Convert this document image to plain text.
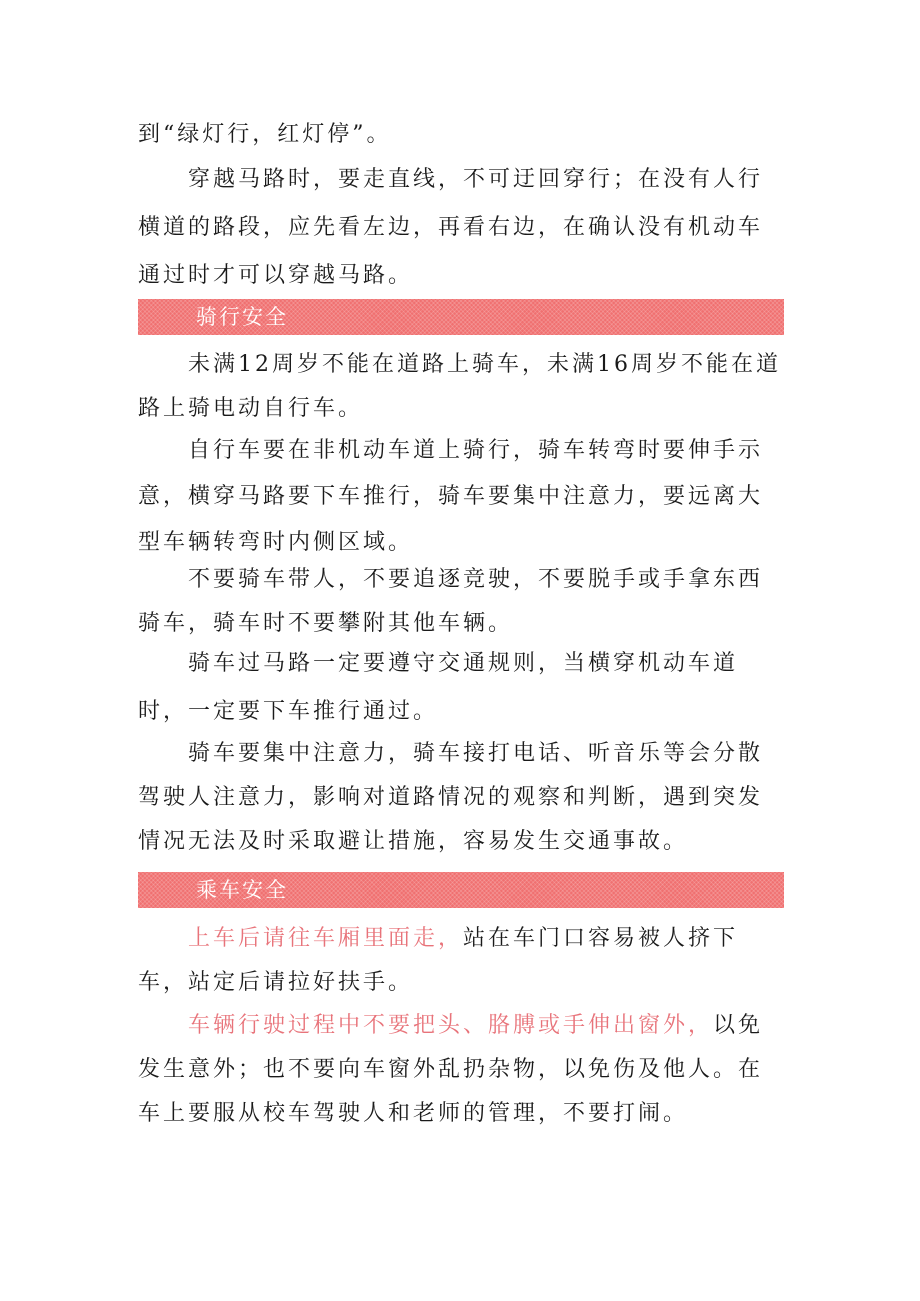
到“绿灯行，红灯停”。

穿越马路时，要走直线，不可迂回穿行；在没有人行横道的路段，应先看左边，再看右边，在确认没有机动车通过时才可以穿越马路。

骑行安全

未满12周岁不能在道路上骑车，未满16周岁不能在道路上骑电动自行车。

自行车要在非机动车道上骑行，骑车转弯时要伸手示意，横穿马路要下车推行，骑车要集中注意力，要远离大型车辆转弯时内侧区域。

不要骑车带人，不要追逐竞驶，不要脱手或手拿东西骑车，骑车时不要攀附其他车辆。

骑车过马路一定要遵守交通规则，当横穿机动车道时，一定要下车推行通过。

骑车要集中注意力，骑车接打电话、听音乐等会分散驾驶人注意力，影响对道路情况的观察和判断，遇到突发情况无法及时采取避让措施，容易发生交通事故。

乘车安全

上车后请往车厢里面走，站在车门口容易被人挤下车，站定后请拉好扶手。

车辆行驶过程中不要把头、胳膊或手伸出窗外，以免发生意外；也不要向车窗外乱扔杂物，以免伤及他人。在车上要服从校车驾驶人和老师的管理，不要打闹。
